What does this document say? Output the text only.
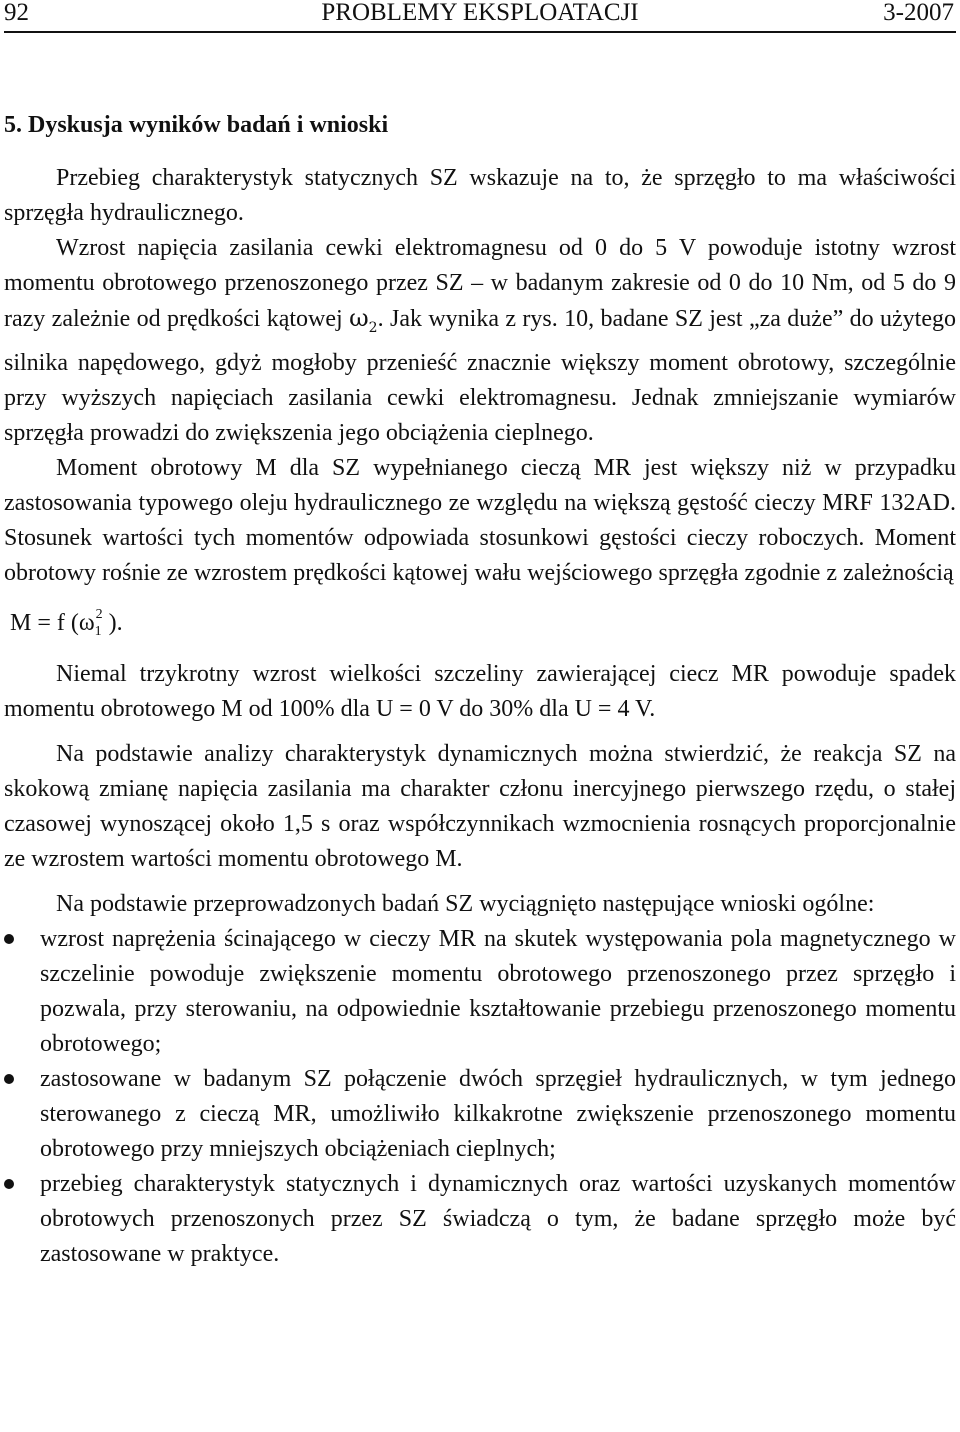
92	PROBLEMY EKSPLOATACJI	3-2007
5. Dyskusja wyników badań i wnioski

Przebieg charakterystyk statycznych SZ wskazuje na to, że sprzęgło to ma właściwości sprzęgła hydraulicznego.

Wzrost napięcia zasilania cewki elektromagnesu od 0 do 5 V powoduje istotny wzrost momentu obrotowego przenoszonego przez SZ – w badanym zakresie od 0 do 10 Nm, od 5 do 9 razy zależnie od prędkości kątowej $\omega_2$. Jak wynika z rys. 10, badane SZ jest „za duże” do użytego silnika napędowego, gdyż mogłoby przenieść znacznie większy moment obrotowy, szczególnie przy wyższych napięciach zasilania cewki elektromagnesu. Jednak zmniejszanie wymiarów sprzęgła prowadzi do zwiększenia jego obciążenia cieplnego.

Moment obrotowy M dla SZ wypełnianego cieczą MR jest większy niż w przypadku zastosowania typowego oleju hydraulicznego ze względu na większą gęstość cieczy MRF 132AD. Stosunek wartości tych momentów odpowiada stosunkowi gęstości cieczy roboczych. Moment obrotowy rośnie ze wzrostem prędkości kątowej wału wejściowego sprzęgła zgodnie z zależnością

M = f ($\omega_1^2$ ).

Niemal trzykrotny wzrost wielkości szczeliny zawierającej ciecz MR powoduje spadek momentu obrotowego M od 100% dla U = 0 V do 30% dla U = 4 V.

Na podstawie analizy charakterystyk dynamicznych można stwierdzić, że reakcja SZ na skokową zmianę napięcia zasilania ma charakter członu inercyjnego pierwszego rzędu, o stałej czasowej wynoszącej około 1,5 s oraz współczynnikach wzmocnienia rosnących proporcjonalnie ze wzrostem wartości momentu obrotowego M.

Na podstawie przeprowadzonych badań SZ wyciągnięto następujące wnioski ogólne:

wzrost naprężenia ścinającego w cieczy MR na skutek występowania pola magnetycznego w szczelinie powoduje zwiększenie momentu obrotowego przenoszonego przez sprzęgło i pozwala, przy sterowaniu, na odpowiednie kształtowanie przebiegu przenoszonego momentu obrotowego;
zastosowane w badanym SZ połączenie dwóch sprzęgieł hydraulicznych, w tym jednego sterowanego z cieczą MR, umożliwiło kilkakrotne zwiększenie przenoszonego momentu obrotowego przy mniejszych obciążeniach cieplnych;
przebieg charakterystyk statycznych i dynamicznych oraz wartości uzyskanych momentów obrotowych przenoszonych przez SZ świadczą o tym, że badane sprzęgło może być zastosowane w praktyce.
